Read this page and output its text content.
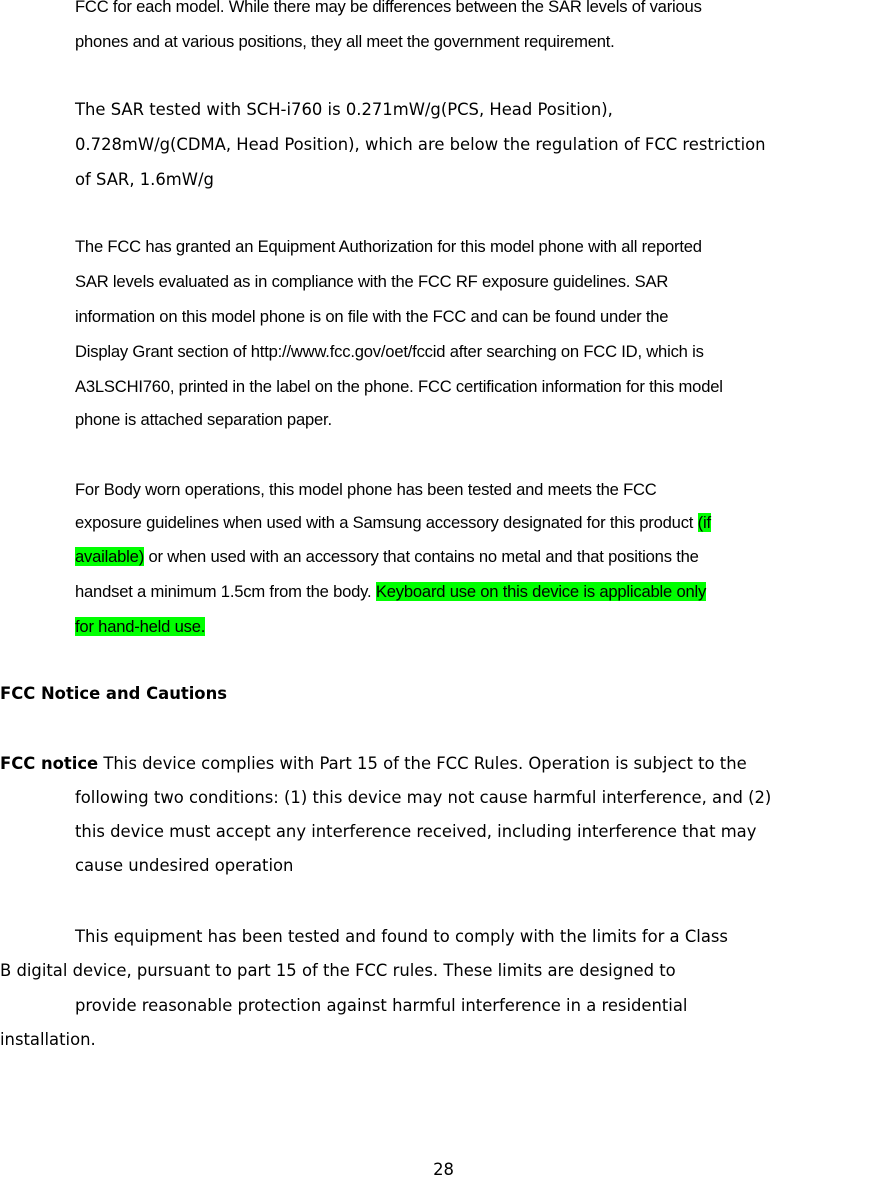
FCC for each model. While there may be differences between the SAR levels of various
phones and at various positions, they all meet the government requirement.
The SAR tested with SCH-i760 is 0.271mW/g(PCS, Head Position),
0.728mW/g(CDMA, Head Position), which are below the regulation of FCC restriction
of SAR, 1.6mW/g
The FCC has granted an Equipment Authorization for this model phone with all reported
SAR levels evaluated as in compliance with the FCC RF exposure guidelines. SAR
information on this model phone is on file with the FCC and can be found under the
Display Grant section of http://www.fcc.gov/oet/fccid after searching on FCC ID, which is
A3LSCHI760, printed in the label on the phone. FCC certification information for this model
phone is attached separation paper.
For Body worn operations, this model phone has been tested and meets the FCC
exposure guidelines when used with a Samsung accessory designated for this product (if
available) or when used with an accessory that contains no metal and that positions the
handset a minimum 1.5cm from the body. Keyboard use on this device is applicable only
for hand-held use.
FCC Notice and Cautions
FCC notice This device complies with Part 15 of the FCC Rules. Operation is subject to the
following two conditions: (1) this device may not cause harmful interference, and (2)
this device must accept any interference received, including interference that may
cause undesired operation
This equipment has been tested and found to comply with the limits for a Class
B digital device, pursuant to part 15 of the FCC rules. These limits are designed to
provide reasonable protection against harmful interference in a residential
installation.
28
